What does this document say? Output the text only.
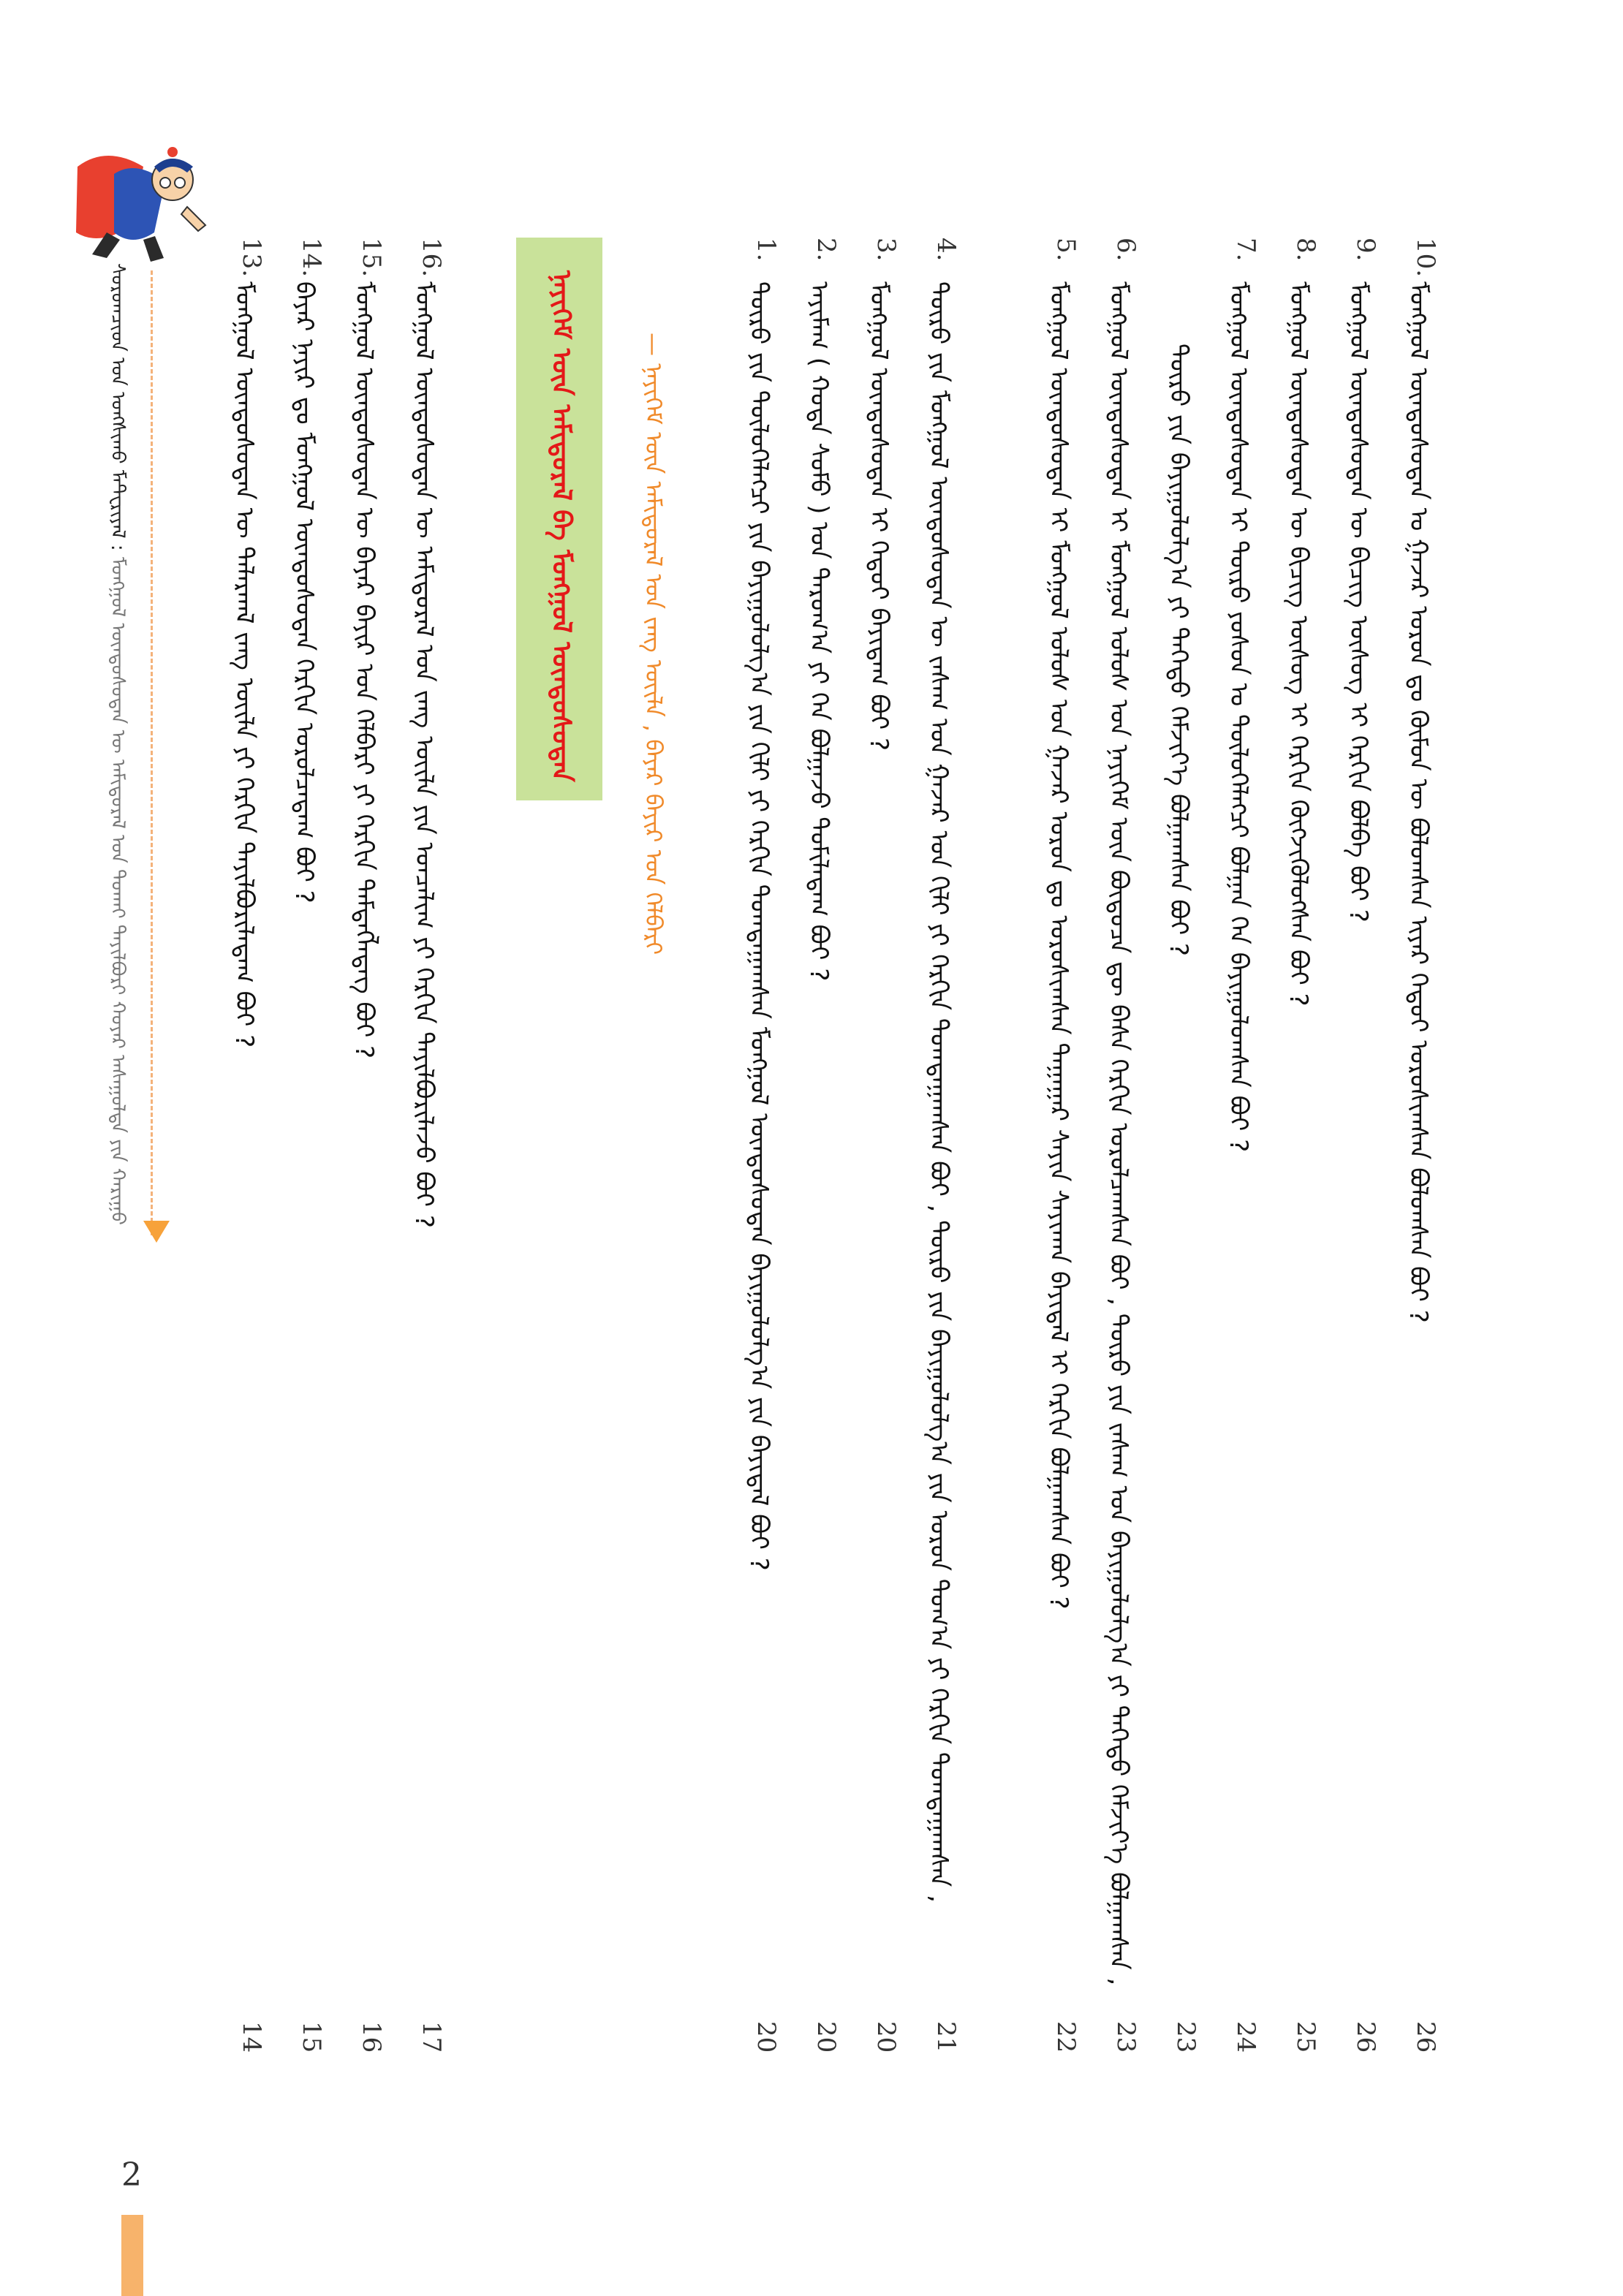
10.
ᠮᠣᠩᠭᠣᠯ ᠦᠨᠳᠦᠰᠦᠲᠡᠨ ᠤ ᠭᠠᠵᠠᠷ ᠤᠷᠤᠨ ᠳᠤ ᠬᠦᠮᠦᠨ ᠦ ᠪᠣᠯᠤᠭᠰᠠᠨ ᠢᠶᠠᠷ ᠬᠡᠳᠦᠢ ᠣᠷᠣᠰᠢᠭᠰᠠᠨ ᠪᠣᠯᠤᠭᠰᠠᠨ ᠪᠤᠢ ?
26
9.
ᠮᠣᠩᠭᠣᠯ ᠦᠨᠳᠦᠰᠦᠲᠡᠨ ᠦ ᠪᠢᠴᠢᠭ ᠦᠰᠦᠭ ᠢ ᠬᠡᠷᠬᠢᠨ ᠪᠣᠯᠪᠠ ᠪᠤᠢ ?
26
8.
ᠮᠣᠩᠭᠣᠯ ᠦᠨᠳᠦᠰᠦᠲᠡᠨ ᠦ ᠪᠢᠴᠢᠭ ᠦᠰᠦᠭ ᠢ ᠬᠡᠷᠬᠢᠨ ᠬᠥᠭᠵᠢᠭᠦᠯᠦᠭᠰᠡᠨ ᠪᠤᠢ ?
25
7.
ᠮᠣᠩᠭᠣᠯ ᠦᠨᠳᠦᠰᠦᠲᠡᠨ ᠢ ᠲᠥᠷᠥ ᠶᠣᠰᠣᠨ ᠤ ᠲᠥᠯᠦᠭᠡᠯᠡᠭᠴᠢ ᠪᠣᠯᠭᠠᠨ ᠬᠡᠨ ᠪᠠᠶᠢᠭᠤᠯᠤᠭᠰᠠᠨ ᠪᠤᠢ ?
24
ᠲᠥᠷᠥ ᠶᠢᠨ ᠪᠠᠶᠢᠭᠤᠯᠤᠯᠭ᠎ᠠ ᠶᠢ ᠳᠡᠭᠡᠳᠦ ᠬᠡᠮᠵᠢᠶ᠎ᠡ ᠪᠣᠯᠭᠠᠭᠰᠠᠨ ᠪᠤᠢ ?
23
6.
ᠮᠣᠩᠭᠣᠯ ᠦᠨᠳᠦᠰᠦᠲᠡᠨ ᠢ ᠮᠣᠩᠭᠣᠯ ᠤᠯᠤᠰ ᠤᠨ ᠨᠡᠶᠢᠭᠡᠮ ᠦᠨ ᠪᠦᠲᠦᠴᠡ ᠳᠦ ᠪᠠᠰᠠ ᠬᠡᠷᠬᠢᠨ ᠣᠷᠣᠯᠴᠠᠭᠰᠠᠨ ᠪᠤᠢ , ᠲᠥᠷᠥ ᠶᠢᠨ ᠵᠠᠰᠠᠭ ᠤᠨ ᠪᠠᠶᠢᠭᠤᠯᠤᠯᠭ᠎ᠠ ᠶᠢ ᠳᠡᠭᠡᠳᠦ ᠬᠡᠮᠵᠢᠶ᠎ᠡ ᠪᠣᠯᠭᠠᠭᠰᠠᠨ ,
23
5.
ᠮᠣᠩᠭᠣᠯ ᠦᠨᠳᠦᠰᠦᠲᠡᠨ ᠢ ᠮᠣᠩᠭᠣᠯ ᠤᠯᠤᠰ ᠤᠨ ᠭᠠᠵᠠᠷ ᠤᠷᠤᠨ ᠳᠤ ᠣᠷᠣᠰᠢᠭᠰᠠᠨ ᠳᠠᠭᠠᠭᠠᠷ ᠰᠠᠶᠢᠨ ᠰᠠᠶᠢᠬᠠᠨ ᠪᠠᠶᠢᠳᠠᠯ ᠢ ᠬᠡᠷᠬᠢᠨ ᠪᠣᠯᠭᠠᠭᠰᠠᠨ ᠪᠤᠢ ?
22
4.
ᠲᠥᠷᠥ ᠶᠢᠨ ᠮᠣᠩᠭᠣᠯ ᠦᠨᠳᠦᠰᠦᠲᠡᠨ ᠦ ᠵᠠᠰᠠᠭ ᠤᠨ ᠭᠠᠵᠠᠷ ᠤᠨ ᠬᠢᠯᠢ ᠶᠢ ᠬᠡᠷᠬᠢᠨ ᠲᠣᠭᠲᠠᠭᠠᠭᠰᠠᠨ ᠪᠤᠢ , ᠲᠥᠷᠥ ᠶᠢᠨ ᠪᠠᠶᠢᠭᠤᠯᠤᠯᠭ᠎ᠠ ᠶᠢᠨ ᠣᠷᠣᠨ ᠲᠣᠭ᠎ᠠ ᠶᠢ ᠬᠡᠷᠬᠢᠨ ᠲᠣᠭᠲᠠᠭᠠᠭᠰᠠᠨ ,
21
3.
ᠮᠣᠩᠭᠣᠯ ᠦᠨᠳᠦᠰᠦᠲᠡᠨ ᠢ ᠬᠡᠳᠦᠢ ᠪᠠᠶᠢᠳᠠᠭ ᠪᠤᠢ ?
20
2.
ᠠᠶᠢᠮᠠᠭ ( ᠬᠣᠲᠠ ᠰᠤᠮᠤ ) ᠤᠨ ᠳᠠᠷᠤᠭ᠎ᠠ ᠶᠢ ᠬᠡᠨ ᠪᠣᠯᠭᠠᠵᠤ ᠲᠣᠮᠢᠯᠠᠳᠠᠭ ᠪᠤᠢ ?
20
1.
ᠲᠥᠷᠥ ᠶᠢᠨ ᠲᠥᠯᠦᠭᠡᠯᠡᠭᠴᠢ ᠶᠢᠨ ᠪᠠᠶᠢᠭᠤᠯᠤᠯᠭ᠎ᠠ ᠶᠢᠨ ᠬᠢᠯᠢ ᠶᠢ ᠬᠡᠷᠬᠢᠨ ᠲᠣᠭᠲᠠᠭᠠᠭᠰᠠᠨ ᠮᠣᠩᠭᠣᠯ ᠦᠨᠳᠦᠰᠦᠲᠡᠨ ᠪᠠᠶᠢᠭᠤᠯᠤᠯᠭ᠎ᠠ ᠶᠢᠨ ᠪᠠᠶᠢᠳᠠᠯ ᠪᠤᠢ ?
20
ᠨᠡᠶᠢᠭᠡᠮ ᠦᠨ ᠠᠮᠢᠳᠤᠷᠠᠯ ᠪᠠ ᠮᠣᠩᠭᠣᠯ ᠦᠨᠳᠦᠰᠦᠲᠡᠨ	— ᠨᠡᠶᠢᠭᠡᠮ ᠦᠨ ᠠᠮᠢᠳᠤᠷᠠᠯ ᠤᠨ ᠵᠠᠩ ᠦᠢᠯᠡ , ᠪᠠᠶᠠᠷ ᠪᠠᠶᠢᠷ ᠤᠨ ᠬᠡᠯᠪᠡᠷᠢ
16.
ᠮᠣᠩᠭᠣᠯ ᠦᠨᠳᠦᠰᠦᠲᠡᠨ ᠦ ᠠᠮᠢᠳᠤᠷᠠᠯ ᠤᠨ ᠵᠠᠩ ᠦᠢᠯᠡ ᠶᠢᠨ ᠣᠨᠴᠠᠯᠢᠭ ᠶᠢ ᠬᠡᠷᠬᠢᠨ ᠲᠠᠶᠢᠯᠪᠤᠷᠢᠯᠠᠵᠤ ᠪᠤᠢ ?
17
15.
ᠮᠣᠩᠭᠣᠯ ᠦᠨᠳᠦᠰᠦᠲᠡᠨ ᠦ ᠪᠠᠶᠠᠷ ᠪᠠᠶᠢᠷ ᠤᠨ ᠬᠡᠯᠪᠡᠷᠢ ᠶᠢ ᠬᠡᠷᠬᠢᠨ ᠲᠡᠮᠳᠡᠭᠯᠡᠳᠡᠭ ᠪᠤᠢ ?
16
14.
ᠪᠠᠶᠠᠷ ᠨᠠᠶᠢᠷ ᠳᠤ ᠮᠣᠩᠭᠣᠯ ᠦᠨᠳᠦᠰᠦᠲᠡᠨ ᠬᠡᠷᠬᠢᠨ ᠣᠷᠣᠯᠴᠠᠳᠠᠭ ᠪᠤᠢ ?
15
13.
ᠮᠣᠩᠭᠣᠯ ᠦᠨᠳᠦᠰᠦᠲᠡᠨ ᠦ ᠲᠠᠯᠠᠷᠬᠠᠯ ᠵᠠᠩ ᠦᠢᠯᠡ ᠶᠢ ᠬᠡᠷᠬᠢᠨ ᠲᠠᠶᠢᠯᠪᠤᠷᠢᠯᠠᠳᠠᠭ ᠪᠤᠢ ?
14
ᠰᠤᠷᠤᠭᠴᠢᠳ ᠤᠨ ᠤᠩᠰᠢᠬᠤ ᠮᠠᠲᠸᠷᠢᠶᠠᠯ : ᠮᠣᠩᠭᠣᠯ ᠦᠨᠳᠦᠰᠦᠲᠡᠨ ᠦ ᠠᠮᠢᠳᠤᠷᠠᠯ ᠤᠨ ᠲᠤᠬᠠᠢ ᠲᠠᠶᠢᠯᠪᠤᠷᠢ ᠬᠣᠶᠠᠷ ᠠᠰᠠᠭᠤᠯᠲᠠ ᠶᠢᠨ ᠬᠠᠷᠢᠭᠤ
2
